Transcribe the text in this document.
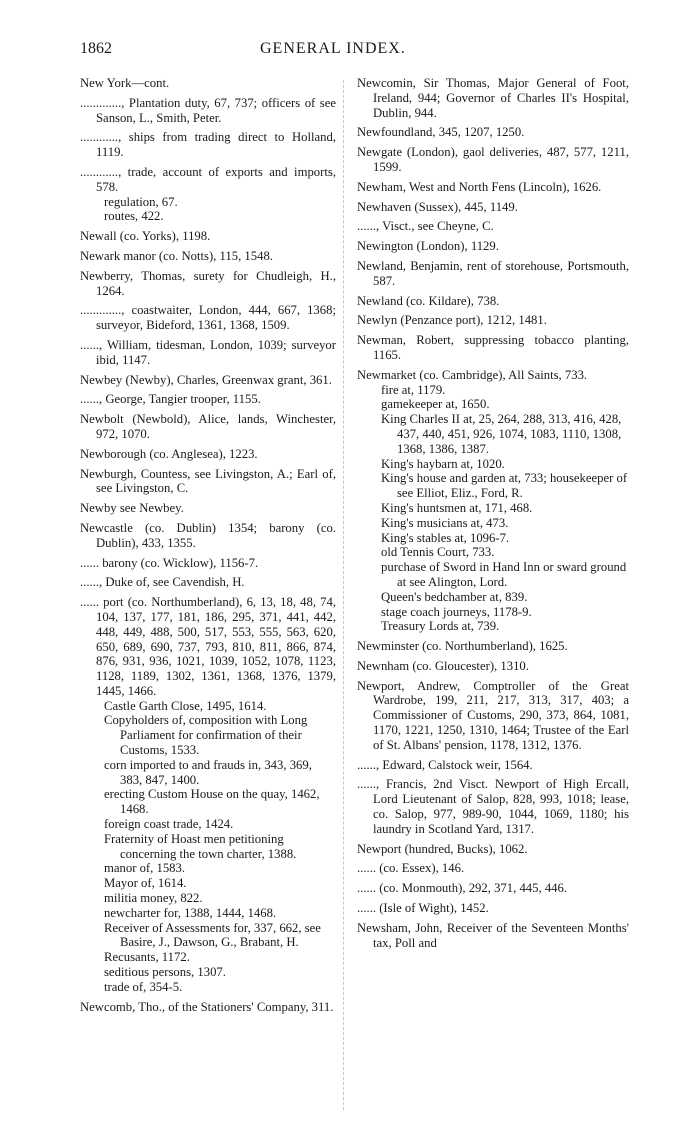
1862	GENERAL INDEX.

New York—cont.

............., Plantation duty, 67, 737; officers of see Sanson, L., Smith, Peter.

............, ships from trading direct to Holland, 1119.

............, trade, account of exports and imports, 578.

regulation, 67.

routes, 422.

Newall (co. Yorks), 1198.

Newark manor (co. Notts), 115, 1548.

Newberry, Thomas, surety for Chudleigh, H., 1264.

............., coastwaiter, London, 444, 667, 1368; surveyor, Bideford, 1361, 1368, 1509.

......, William, tidesman, London, 1039; surveyor ibid, 1147.

Newbey (Newby), Charles, Greenwax grant, 361.

......, George, Tangier trooper, 1155.

Newbolt (Newbold), Alice, lands, Winchester, 972, 1070.

Newborough (co. Anglesea), 1223.

Newburgh, Countess, see Livingston, A.; Earl of, see Livingston, C.

Newby see Newbey.

Newcastle (co. Dublin) 1354; barony (co. Dublin), 433, 1355.

...... barony (co. Wicklow), 1156-7.

......, Duke of, see Cavendish, H.

...... port (co. Northumberland), 6, 13, 18, 48, 74, 104, 137, 177, 181, 186, 295, 371, 441, 442, 448, 449, 488, 500, 517, 553, 555, 563, 620, 650, 689, 690, 737, 793, 810, 811, 866, 874, 876, 931, 936, 1021, 1039, 1052, 1078, 1123, 1128, 1189, 1302, 1361, 1368, 1376, 1379, 1445, 1466.

Castle Garth Close, 1495, 1614.

Copyholders of, composition with Long Parliament for confirmation of their Customs, 1533.

corn imported to and frauds in, 343, 369, 383, 847, 1400.

erecting Custom House on the quay, 1462, 1468.

foreign coast trade, 1424.

Fraternity of Hoast men petitioning concerning the town charter, 1388.

manor of, 1583.

Mayor of, 1614.

militia money, 822.

newcharter for, 1388, 1444, 1468.

Receiver of Assessments for, 337, 662, see Basire, J., Dawson, G., Brabant, H.

Recusants, 1172.

seditious persons, 1307.

trade of, 354-5.

Newcomb, Tho., of the Stationers' Company, 311.

Newcomin, Sir Thomas, Major General of Foot, Ireland, 944; Governor of Charles II's Hospital, Dublin, 944.

Newfoundland, 345, 1207, 1250.

Newgate (London), gaol deliveries, 487, 577, 1211, 1599.

Newham, West and North Fens (Lincoln), 1626.

Newhaven (Sussex), 445, 1149.

......, Visct., see Cheyne, C.

Newington (London), 1129.

Newland, Benjamin, rent of storehouse, Portsmouth, 587.

Newland (co. Kildare), 738.

Newlyn (Penzance port), 1212, 1481.

Newman, Robert, suppressing tobacco planting, 1165.

Newmarket (co. Cambridge), All Saints, 733.

fire at, 1179.

gamekeeper at, 1650.

King Charles II at, 25, 264, 288, 313, 416, 428, 437, 440, 451, 926, 1074, 1083, 1110, 1308, 1368, 1386, 1387.

King's haybarn at, 1020.

King's house and garden at, 733; housekeeper of see Elliot, Eliz., Ford, R.

King's huntsmen at, 171, 468.

King's musicians at, 473.

King's stables at, 1096-7.

old Tennis Court, 733.

purchase of Sword in Hand Inn or sward ground at see Alington, Lord.

Queen's bedchamber at, 839.

stage coach journeys, 1178-9.

Treasury Lords at, 739.

Newminster (co. Northumberland), 1625.

Newnham (co. Gloucester), 1310.

Newport, Andrew, Comptroller of the Great Wardrobe, 199, 211, 217, 313, 317, 403; a Commissioner of Customs, 290, 373, 864, 1081, 1170, 1221, 1250, 1310, 1464; Trustee of the Earl of St. Albans' pension, 1178, 1312, 1376.

......, Edward, Calstock weir, 1564.

......, Francis, 2nd Visct. Newport of High Ercall, Lord Lieutenant of Salop, 828, 993, 1018; lease, co. Salop, 977, 989-90, 1044, 1069, 1180; his laundry in Scotland Yard, 1317.

Newport (hundred, Bucks), 1062.

...... (co. Essex), 146.

...... (co. Monmouth), 292, 371, 445, 446.

...... (Isle of Wight), 1452.

Newsham, John, Receiver of the Seventeen Months' tax, Poll and
